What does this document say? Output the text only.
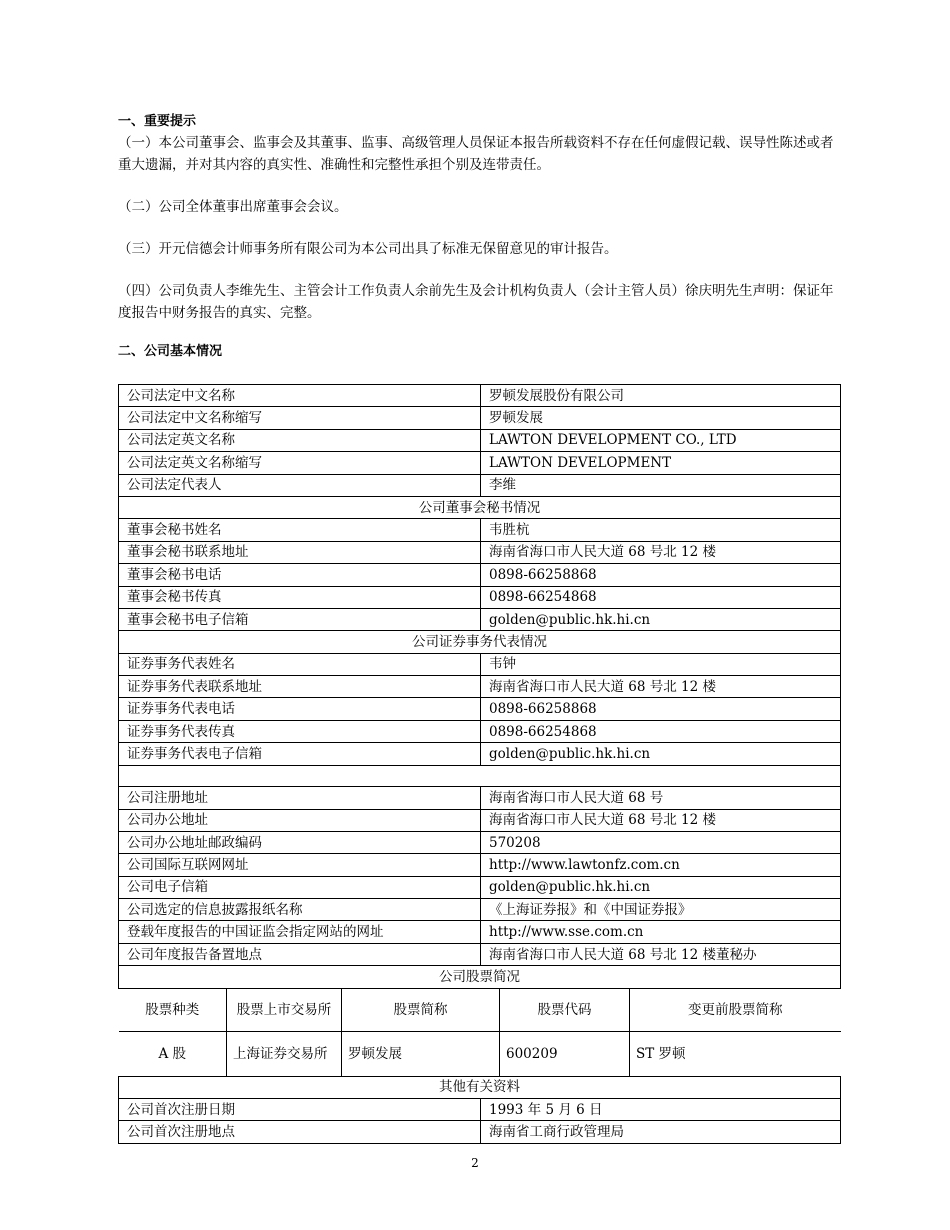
一、重要提示

（一）本公司董事会、监事会及其董事、监事、高级管理人员保证本报告所载资料不存在任何虚假记载、误导性陈述或者重大遗漏，并对其内容的真实性、准确性和完整性承担个别及连带责任。

（二）公司全体董事出席董事会会议。

（三）开元信德会计师事务所有限公司为本公司出具了标准无保留意见的审计报告。

（四）公司负责人李维先生、主管会计工作负责人余前先生及会计机构负责人（会计主管人员）徐庆明先生声明：保证年度报告中财务报告的真实、完整。

二、公司基本情况

公司法定中文名称	罗顿发展股份有限公司
公司法定中文名称缩写	罗顿发展
公司法定英文名称	LAWTON DEVELOPMENT CO., LTD
公司法定英文名称缩写	LAWTON DEVELOPMENT
公司法定代表人	李维
公司董事会秘书情况
董事会秘书姓名	韦胜杭
董事会秘书联系地址	海南省海口市人民大道 68 号北 12 楼
董事会秘书电话	0898-66258868
董事会秘书传真	0898-66254868
董事会秘书电子信箱	golden@public.hk.hi.cn
公司证券事务代表情况
证券事务代表姓名	韦钟
证券事务代表联系地址	海南省海口市人民大道 68 号北 12 楼
证券事务代表电话	0898-66258868
证券事务代表传真	0898-66254868
证券事务代表电子信箱	golden@public.hk.hi.cn

公司注册地址	海南省海口市人民大道 68 号
公司办公地址	海南省海口市人民大道 68 号北 12 楼
公司办公地址邮政编码	570208
公司国际互联网网址	http://www.lawtonfz.com.cn
公司电子信箱	golden@public.hk.hi.cn
公司选定的信息披露报纸名称	《上海证券报》和《中国证券报》
登载年度报告的中国证监会指定网站的网址	http://www.sse.com.cn
公司年度报告备置地点	海南省海口市人民大道 68 号北 12 楼董秘办
公司股票简况

股票种类	股票上市交易所	股票简称	股票代码	变更前股票简称
A 股	上海证券交易所	罗顿发展	600209	ST 罗顿

其他有关资料
公司首次注册日期	1993 年 5 月 6 日
公司首次注册地点	海南省工商行政管理局
2
